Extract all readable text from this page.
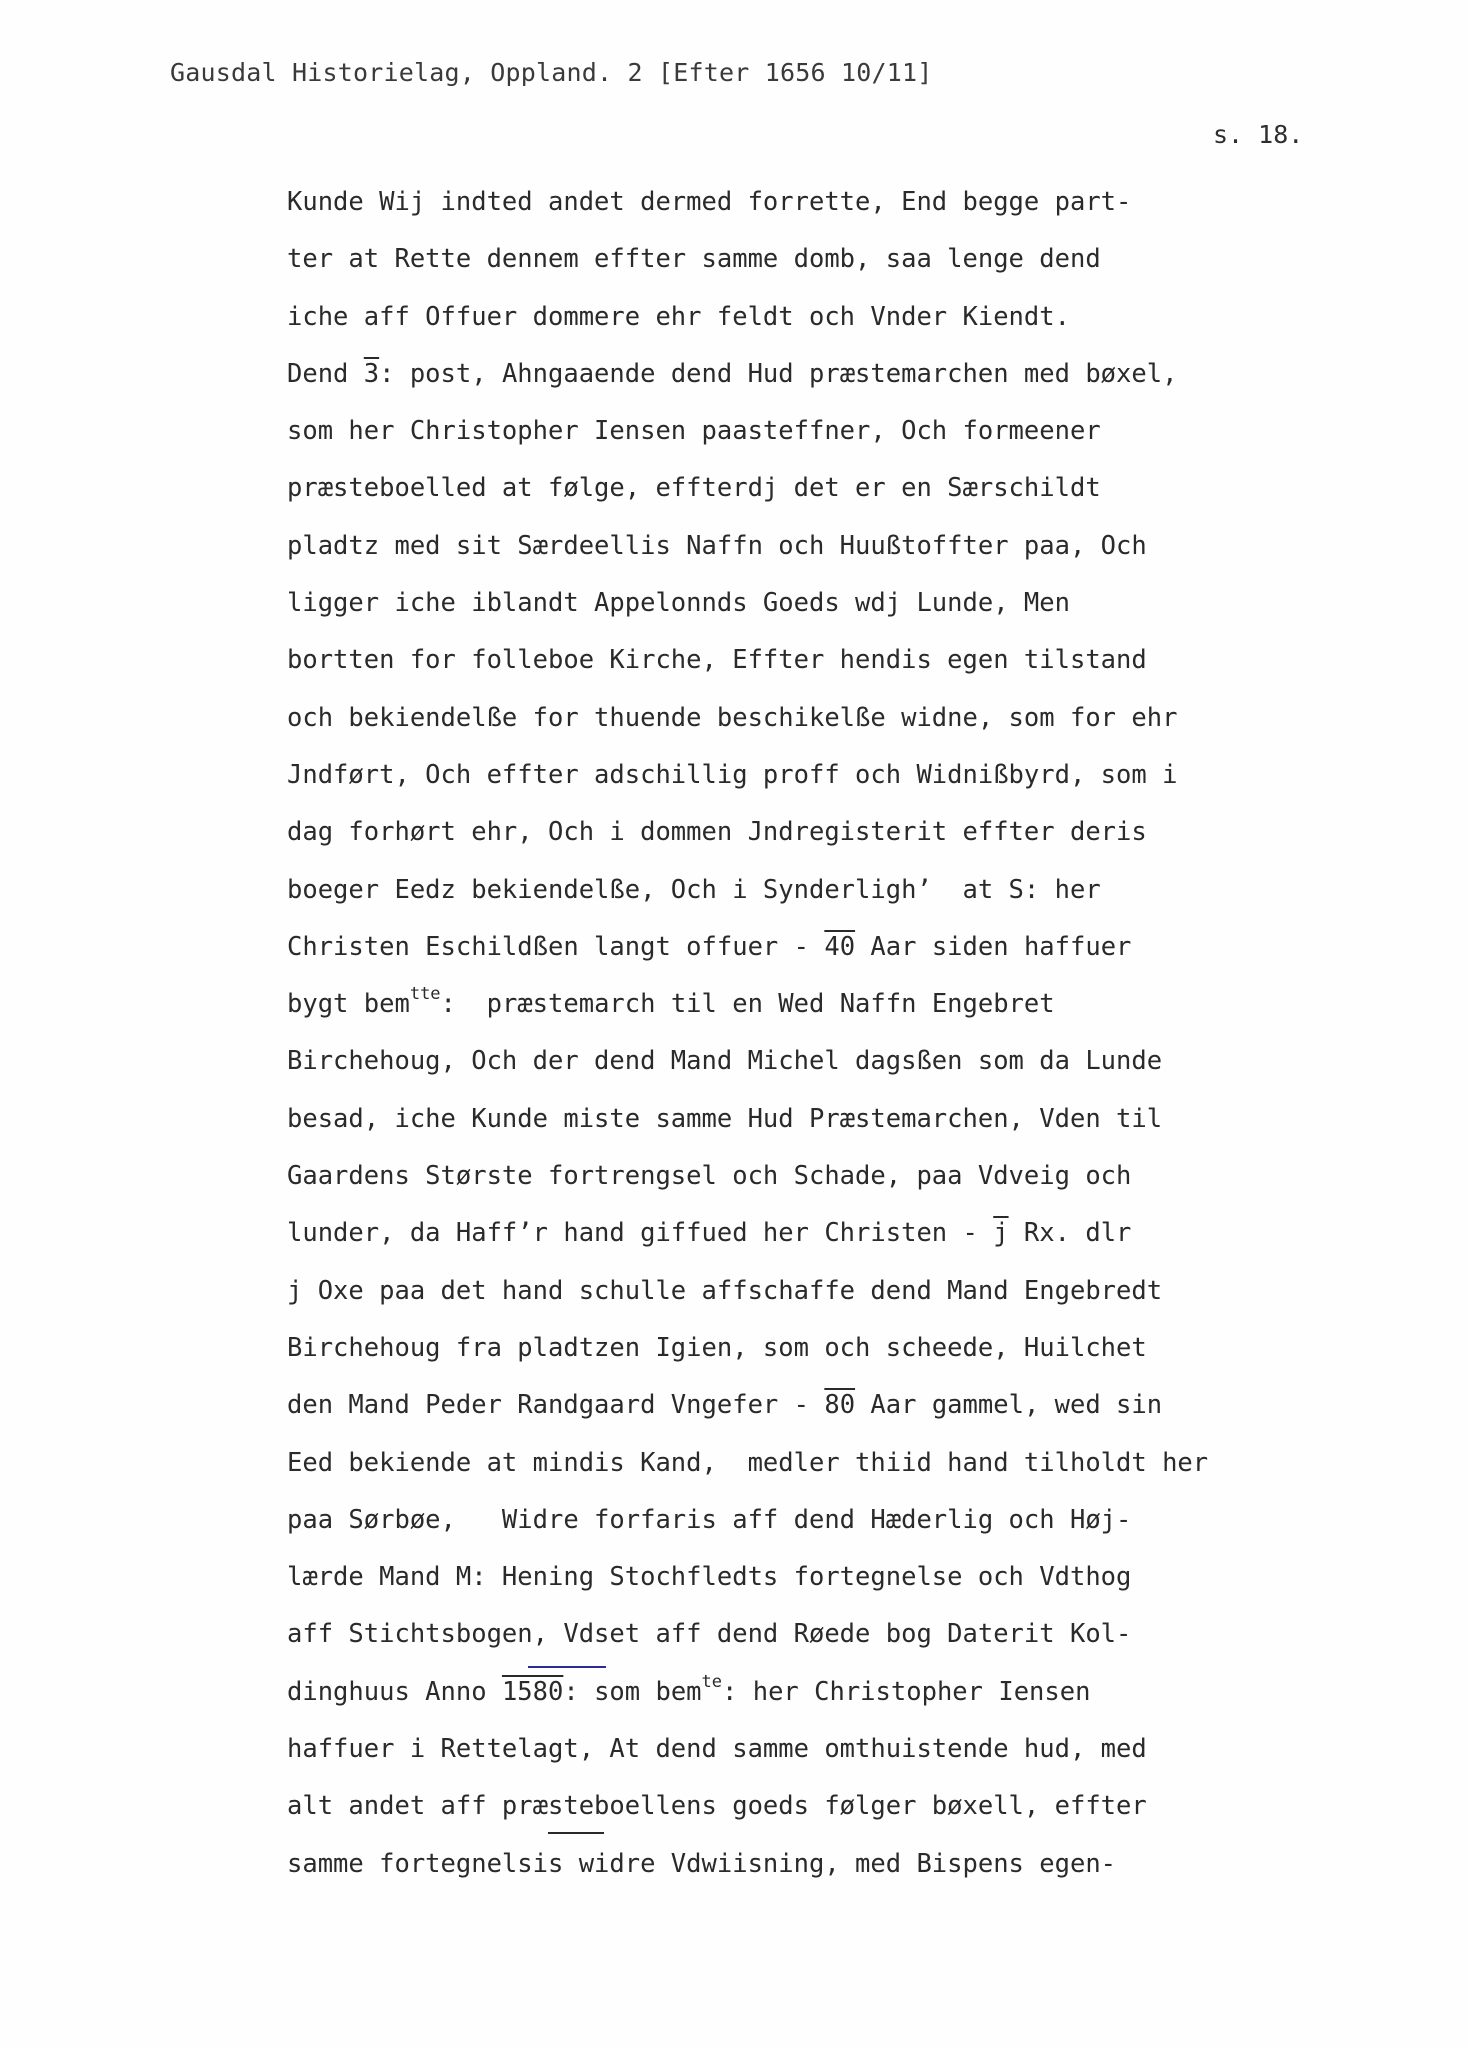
Gausdal Historielag, Oppland. 2 [Efter 1656 10/11]
s. 18.
Kunde Wij indted andet dermed forrette, End begge part-
ter at Rette dennem effter samme domb, saa lenge dend
iche aff Offuer dommere ehr feldt och Vnder Kiendt.
Dend 3: post, Ahngaaende dend Hud præstemarchen med bøxel,
som her Christopher Iensen paasteffner, Och formeener
præsteboelled at følge, effterdj det er en Særschildt
pladtz med sit Særdeellis Naffn och Huußtoffter paa, Och
ligger iche iblandt Appelonnds Goeds wdj Lunde, Men
bortten for folleboe Kirche, Effter hendis egen tilstand
och bekiendelße for thuende beschikelße widne, som for ehr
Jndført, Och effter adschillig proff och Widnißbyrd, som i
dag forhørt ehr, Och i dommen Jndregisterit effter deris
boeger Eedz bekiendelße, Och i Synderligh’  at S: her
Christen Eschildßen langt offuer - 40 Aar siden haffuer
bygt bem$^{tte}$:  præstemarch til en Wed Naffn Engebret
Birchehoug, Och der dend Mand Michel dagsßen som da Lunde
besad, iche Kunde miste samme Hud Præstemarchen, Vden til
Gaardens Største fortrengsel och Schade, paa Vdveig och
lunder, da Haff’r hand giffued her Christen - $\overline{j}$ Rx. dlr
j Oxe paa det hand schulle affschaffe dend Mand Engebredt
Birchehoug fra pladtzen Igien, som och scheede, Huilchet
den Mand Peder Randgaard Vngefer - 80 Aar gammel, wed sin
Eed bekiende at mindis Kand,  medler thiid hand tilholdt her
paa Sørbøe,   Widre forfaris aff dend Hæderlig och Høj-
lærde Mand M: Hening Stochfledts fortegnelse och Vdthog
aff Stichtsbogen, Vdset aff dend Røede bog Daterit Kol-
dinghuus Anno 1580: som bem$^{te}$: her Christopher Iensen
haffuer i Rettelagt, At dend samme omthuistende hud, med
alt andet aff præsteboellens goeds følger bøxell, effter
samme fortegnelsis widre Vdwiisning, med Bispens egen-
